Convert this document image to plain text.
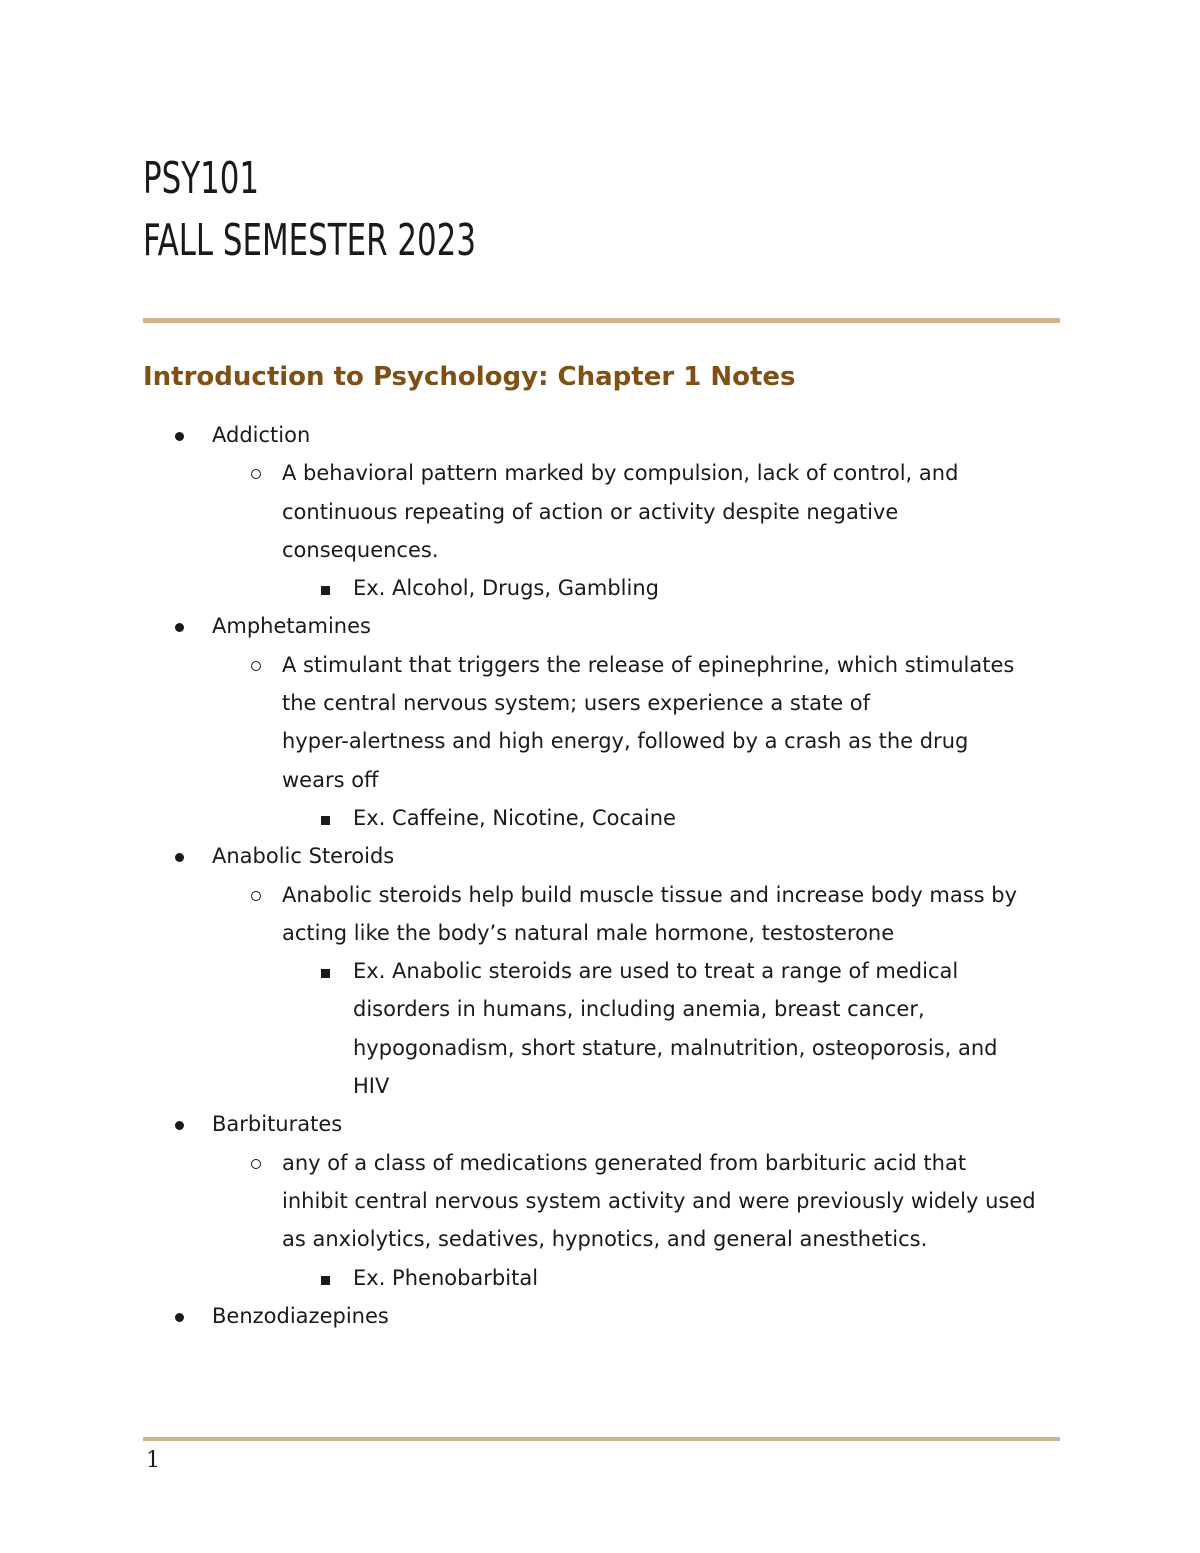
PSY101
FALL SEMESTER 2023
Introduction to Psychology: Chapter 1 Notes
Addiction
A behavioral pattern marked by compulsion, lack of control, and
continuous repeating of action or activity despite negative
consequences.
Ex. Alcohol, Drugs, Gambling
Amphetamines
A stimulant that triggers the release of epinephrine, which stimulates
the central nervous system; users experience a state of
hyper-alertness and high energy, followed by a crash as the drug
wears off
Ex. Caffeine, Nicotine, Cocaine
Anabolic Steroids
Anabolic steroids help build muscle tissue and increase body mass by
acting like the body’s natural male hormone, testosterone
Ex. Anabolic steroids are used to treat a range of medical
disorders in humans, including anemia, breast cancer,
hypogonadism, short stature, malnutrition, osteoporosis, and
HIV
Barbiturates
any of a class of medications generated from barbituric acid that
inhibit central nervous system activity and were previously widely used
as anxiolytics, sedatives, hypnotics, and general anesthetics.
Ex. Phenobarbital
Benzodiazepines
1
